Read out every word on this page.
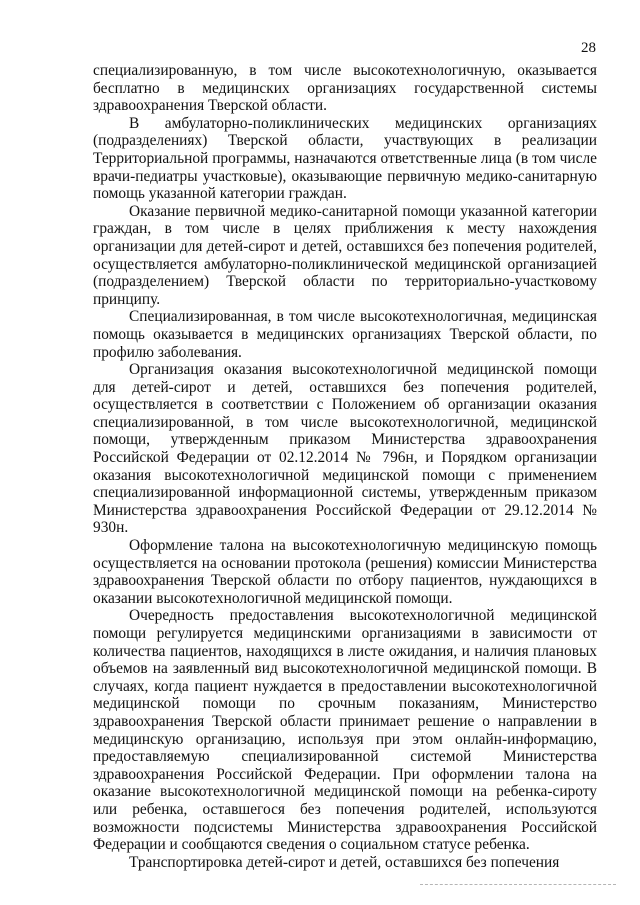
28

специализированную, в том числе высокотехнологичную, оказывается бесплатно в медицинских организациях государственной системы здравоохранения Тверской области.

В амбулаторно-поликлинических медицинских организациях (подразделениях) Тверской области, участвующих в реализации Территориальной программы, назначаются ответственные лица (в том числе врачи-педиатры участковые), оказывающие первичную медико-санитарную помощь указанной категории граждан.

Оказание первичной медико-санитарной помощи указанной категории граждан, в том числе в целях приближения к месту нахождения организации для детей-сирот и детей, оставшихся без попечения родителей, осуществляется амбулаторно-поликлинической медицинской организацией (подразделением) Тверской области по территориально-участковому принципу.

Специализированная, в том числе высокотехнологичная, медицинская помощь оказывается в медицинских организациях Тверской области, по профилю заболевания.

Организация оказания высокотехнологичной медицинской помощи для детей-сирот и детей, оставшихся без попечения родителей, осуществляется в соответствии с Положением об организации оказания специализированной, в том числе высокотехнологичной, медицинской помощи, утвержденным приказом Министерства здравоохранения Российской Федерации от 02.12.2014 № 796н, и Порядком организации оказания высокотехнологичной медицинской помощи с применением специализированной информационной системы, утвержденным приказом Министерства здравоохранения Российской Федерации от 29.12.2014 № 930н.

Оформление талона на высокотехнологичную медицинскую помощь осуществляется на основании протокола (решения) комиссии Министерства здравоохранения Тверской области по отбору пациентов, нуждающихся в оказании высокотехнологичной медицинской помощи.

Очередность предоставления высокотехнологичной медицинской помощи регулируется медицинскими организациями в зависимости от количества пациентов, находящихся в листе ожидания, и наличия плановых объемов на заявленный вид высокотехнологичной медицинской помощи. В случаях, когда пациент нуждается в предоставлении высокотехнологичной медицинской помощи по срочным показаниям, Министерство здравоохранения Тверской области принимает решение о направлении в медицинскую организацию, используя при этом онлайн-информацию, предоставляемую специализированной системой Министерства здравоохранения Российской Федерации. При оформлении талона на оказание высокотехнологичной медицинской помощи на ребенка-сироту или ребенка, оставшегося без попечения родителей, используются возможности подсистемы Министерства здравоохранения Российской Федерации и сообщаются сведения о социальном статусе ребенка.

Транспортировка детей-сирот и детей, оставшихся без попечения
